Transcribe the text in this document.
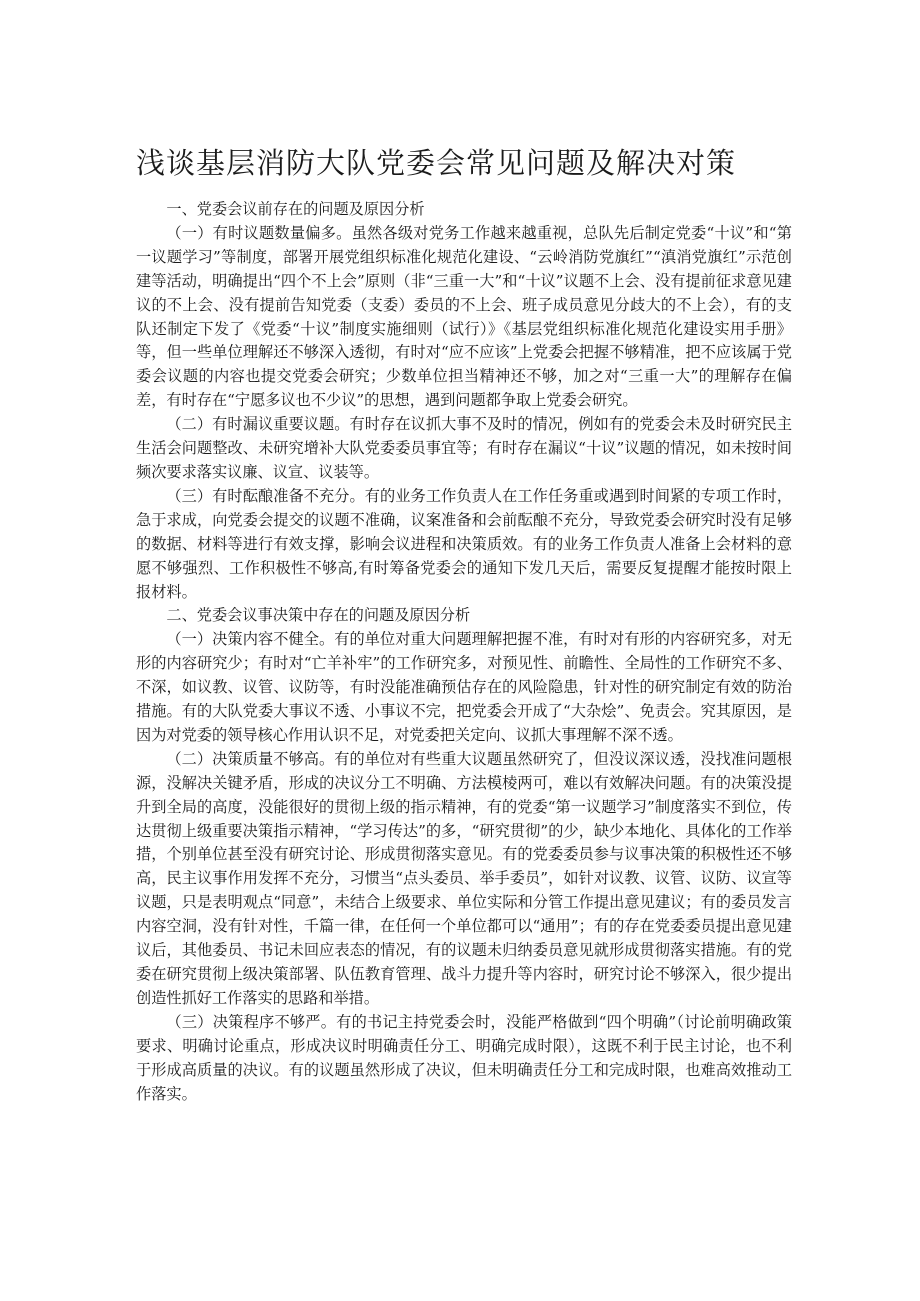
浅谈基层消防大队党委会常见问题及解决对策

一、党委会议前存在的问题及原因分析

（一）有时议题数量偏多。虽然各级对党务工作越来越重视，总队先后制定党委“十议”和“第一议题学习”等制度，部署开展党组织标准化规范化建设、“云岭消防党旗红”“滇消党旗红”示范创建等活动，明确提出“四个不上会”原则（非“三重一大”和“十议”议题不上会、没有提前征求意见建议的不上会、没有提前告知党委（支委）委员的不上会、班子成员意见分歧大的不上会），有的支队还制定下发了《党委“十议”制度实施细则（试行）》《基层党组织标准化规范化建设实用手册》等，但一些单位理解还不够深入透彻，有时对“应不应该”上党委会把握不够精准，把不应该属于党委会议题的内容也提交党委会研究；少数单位担当精神还不够，加之对“三重一大”的理解存在偏差，有时存在“宁愿多议也不少议”的思想，遇到问题都争取上党委会研究。

（二）有时漏议重要议题。有时存在议抓大事不及时的情况，例如有的党委会未及时研究民主生活会问题整改、未研究增补大队党委委员事宜等；有时存在漏议“十议”议题的情况，如未按时间频次要求落实议廉、议宣、议装等。

（三）有时酝酿准备不充分。有的业务工作负责人在工作任务重或遇到时间紧的专项工作时，急于求成，向党委会提交的议题不准确，议案准备和会前酝酿不充分，导致党委会研究时没有足够的数据、材料等进行有效支撑，影响会议进程和决策质效。有的业务工作负责人准备上会材料的意愿不够强烈、工作积极性不够高,有时筹备党委会的通知下发几天后，需要反复提醒才能按时限上报材料。

二、党委会议事决策中存在的问题及原因分析

（一）决策内容不健全。有的单位对重大问题理解把握不准，有时对有形的内容研究多，对无形的内容研究少；有时对“亡羊补牢”的工作研究多，对预见性、前瞻性、全局性的工作研究不多、不深，如议教、议管、议防等，有时没能准确预估存在的风险隐患，针对性的研究制定有效的防治措施。有的大队党委大事议不透、小事议不完，把党委会开成了“大杂烩”、免责会。究其原因，是因为对党委的领导核心作用认识不足，对党委把关定向、议抓大事理解不深不透。

（二）决策质量不够高。有的单位对有些重大议题虽然研究了，但没议深议透，没找准问题根源，没解决关键矛盾，形成的决议分工不明确、方法模棱两可，难以有效解决问题。有的决策没提升到全局的高度，没能很好的贯彻上级的指示精神，有的党委“第一议题学习”制度落实不到位，传达贯彻上级重要决策指示精神，“学习传达”的多，“研究贯彻”的少，缺少本地化、具体化的工作举措，个别单位甚至没有研究讨论、形成贯彻落实意见。有的党委委员参与议事决策的积极性还不够高，民主议事作用发挥不充分，习惯当“点头委员、举手委员”，如针对议教、议管、议防、议宣等议题，只是表明观点“同意”，未结合上级要求、单位实际和分管工作提出意见建议；有的委员发言内容空洞，没有针对性，千篇一律，在任何一个单位都可以“通用”；有的存在党委委员提出意见建议后，其他委员、书记未回应表态的情况，有的议题未归纳委员意见就形成贯彻落实措施。有的党委在研究贯彻上级决策部署、队伍教育管理、战斗力提升等内容时，研究讨论不够深入，很少提出创造性抓好工作落实的思路和举措。

（三）决策程序不够严。有的书记主持党委会时，没能严格做到“四个明确”（讨论前明确政策要求、明确讨论重点，形成决议时明确责任分工、明确完成时限），这既不利于民主讨论，也不利于形成高质量的决议。有的议题虽然形成了决议，但未明确责任分工和完成时限，也难高效推动工作落实。
